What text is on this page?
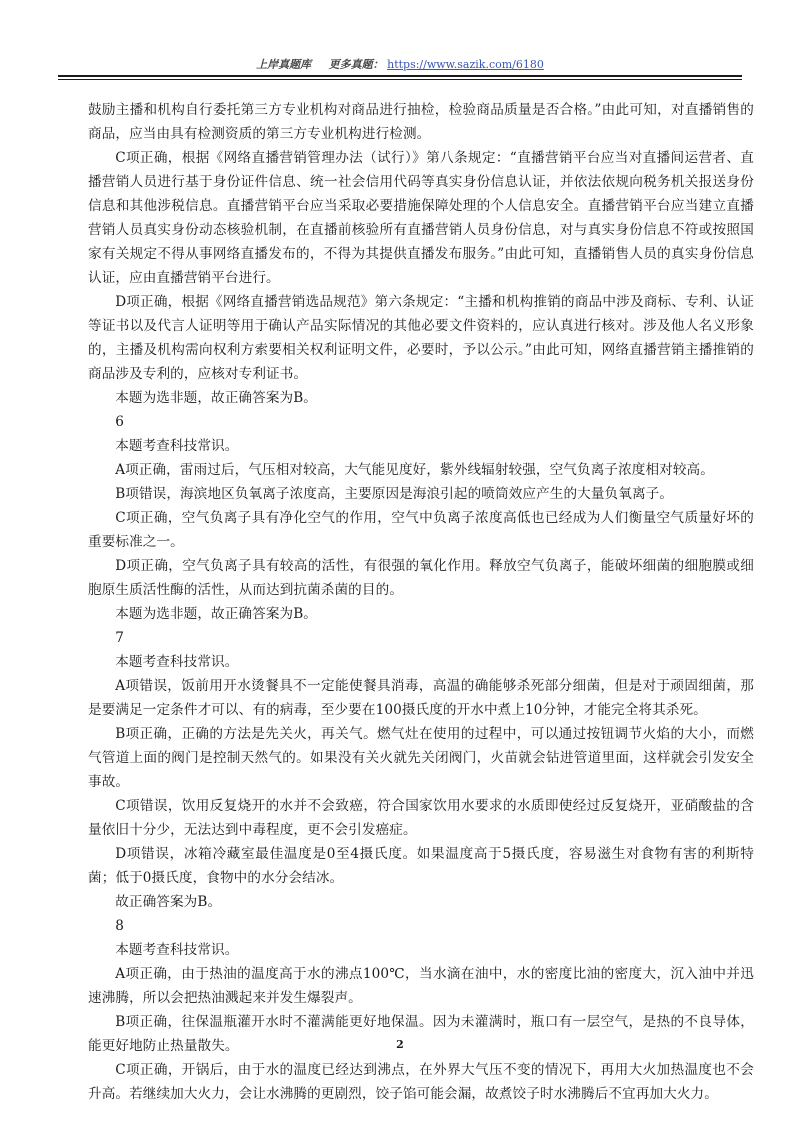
上岸真题库 更多真题： https://www.sazik.com/6180

鼓励主播和机构自行委托第三方专业机构对商品进行抽检，检验商品质量是否合格。”由此可知，对直播销售的商品，应当由具有检测资质的第三方专业机构进行检测。

C项正确，根据《网络直播营销管理办法（试行）》第八条规定：“直播营销平台应当对直播间运营者、直播营销人员进行基于身份证件信息、统一社会信用代码等真实身份信息认证，并依法依规向税务机关报送身份信息和其他涉税信息。直播营销平台应当采取必要措施保障处理的个人信息安全。直播营销平台应当建立直播营销人员真实身份动态核验机制，在直播前核验所有直播营销人员身份信息，对与真实身份信息不符或按照国家有关规定不得从事网络直播发布的，不得为其提供直播发布服务。”由此可知，直播销售人员的真实身份信息认证，应由直播营销平台进行。

D项正确，根据《网络直播营销选品规范》第六条规定：“主播和机构推销的商品中涉及商标、专利、认证等证书以及代言人证明等用于确认产品实际情况的其他必要文件资料的，应认真进行核对。涉及他人名义形象的，主播及机构需向权利方索要相关权利证明文件，必要时，予以公示。”由此可知，网络直播营销主播推销的商品涉及专利的，应核对专利证书。

本题为选非题，故正确答案为B。

6

本题考查科技常识。

A项正确，雷雨过后，气压相对较高，大气能见度好，紫外线辐射较强，空气负离子浓度相对较高。

B项错误，海滨地区负氧离子浓度高，主要原因是海浪引起的喷筒效应产生的大量负氧离子。

C项正确，空气负离子具有净化空气的作用，空气中负离子浓度高低也已经成为人们衡量空气质量好坏的重要标准之一。

D项正确，空气负离子具有较高的活性，有很强的氧化作用。释放空气负离子，能破坏细菌的细胞膜或细胞原生质活性酶的活性，从而达到抗菌杀菌的目的。

本题为选非题，故正确答案为B。

7

本题考查科技常识。

A项错误，饭前用开水烫餐具不一定能使餐具消毒，高温的确能够杀死部分细菌，但是对于顽固细菌，那是要满足一定条件才可以、有的病毒，至少要在100摄氏度的开水中煮上10分钟，才能完全将其杀死。

B项正确，正确的方法是先关火，再关气。燃气灶在使用的过程中，可以通过按钮调节火焰的大小，而燃气管道上面的阀门是控制天然气的。如果没有关火就先关闭阀门，火苗就会钻进管道里面，这样就会引发安全事故。

C项错误，饮用反复烧开的水并不会致癌，符合国家饮用水要求的水质即使经过反复烧开，亚硝酸盐的含量依旧十分少，无法达到中毒程度，更不会引发癌症。

D项错误，冰箱冷藏室最佳温度是0至4摄氏度。如果温度高于5摄氏度，容易滋生对食物有害的利斯特菌；低于0摄氏度，食物中的水分会结冰。

故正确答案为B。

8

本题考查科技常识。

A项正确，由于热油的温度高于水的沸点100℃，当水滴在油中，水的密度比油的密度大，沉入油中并迅速沸腾，所以会把热油溅起来并发生爆裂声。

B项正确，往保温瓶灌开水时不灌满能更好地保温。因为未灌满时，瓶口有一层空气，是热的不良导体，能更好地防止热量散失。

C项正确，开锅后，由于水的温度已经达到沸点，在外界大气压不变的情况下，再用大火加热温度也不会升高。若继续加大火力，会让水沸腾的更剧烈，饺子馅可能会漏，故煮饺子时水沸腾后不宜再加大火力。

2
